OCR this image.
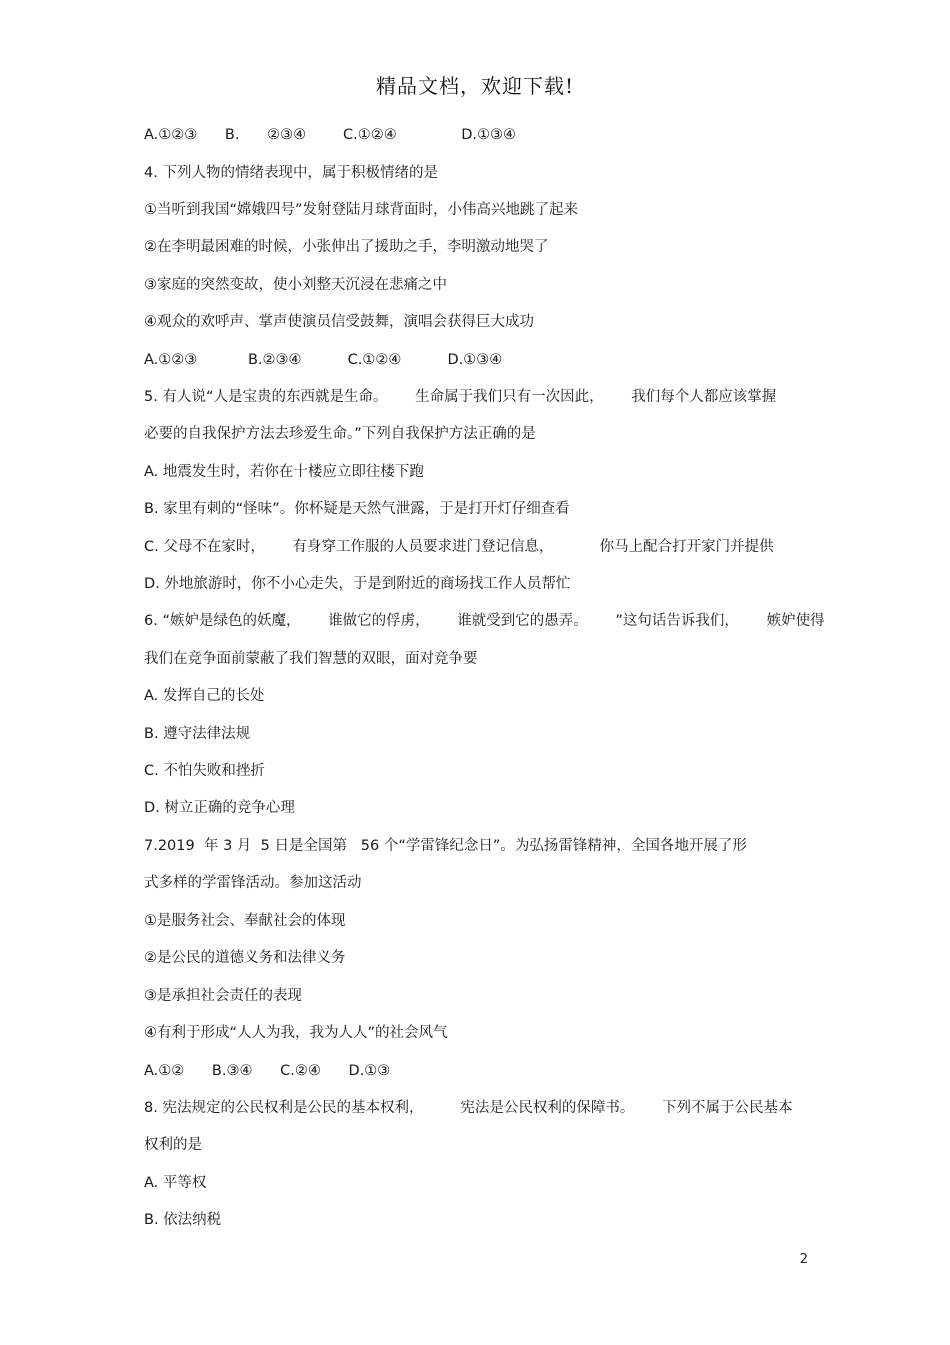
精品文档，欢迎下载!
A.①②③      B.      ②③④        C.①②④              D.①③④
4. 下列人物的情绪表现中，属于积极情绪的是
①当听到我国“嫦娥四号”发射登陆月球背面时，小伟高兴地跳了起来
②在李明最困难的时候，小张伸出了援助之手，李明激动地哭了
③家庭的突然变故，使小刘整天沉浸在悲痛之中
④观众的欢呼声、掌声使演员信受鼓舞，演唱会获得巨大成功
A.①②③           B.②③④          C.①②④          D.①③④
5. 有人说“人是宝贵的东西就是生命。      生命属于我们只有一次因此，      我们每个人都应该掌握
必要的自我保护方法去珍爱生命。”下列自我保护方法正确的是
A. 地震发生时，若你在十楼应立即往楼下跑
B. 家里有刺的“怪味”。你杯疑是天然气泄露，于是打开灯仔细查看
C. 父母不在家时，      有身穿工作服的人员要求进门登记信息，          你马上配合打开家门并提供
D. 外地旅游时，你不小心走失，于是到附近的商场找工作人员帮忙
6. “嫉妒是绿色的妖魔，      谁做它的俘虏，      谁就受到它的愚弄。      ”这句话告诉我们，      嫉妒使得
我们在竞争面前蒙蔽了我们智慧的双眼，面对竞争要
A. 发挥自己的长处
B. 遵守法律法规
C. 不怕失败和挫折
D. 树立正确的竞争心理
7.2019  年 3 月  5 日是全国第   56 个“学雷锋纪念日”。为弘扬雷锋精神，全国各地开展了形
式多样的学雷锋活动。参加这活动
①是服务社会、奉献社会的体现
②是公民的道德义务和法律义务
③是承担社会责任的表现
④有利于形成“人人为我，我为人人”的社会风气
A.①②      B.③④      C.②④      D.①③
8. 宪法规定的公民权利是公民的基本权利，        宪法是公民权利的保障书。      下列不属于公民基本
权利的是
A. 平等权
B. 依法纳税
2
